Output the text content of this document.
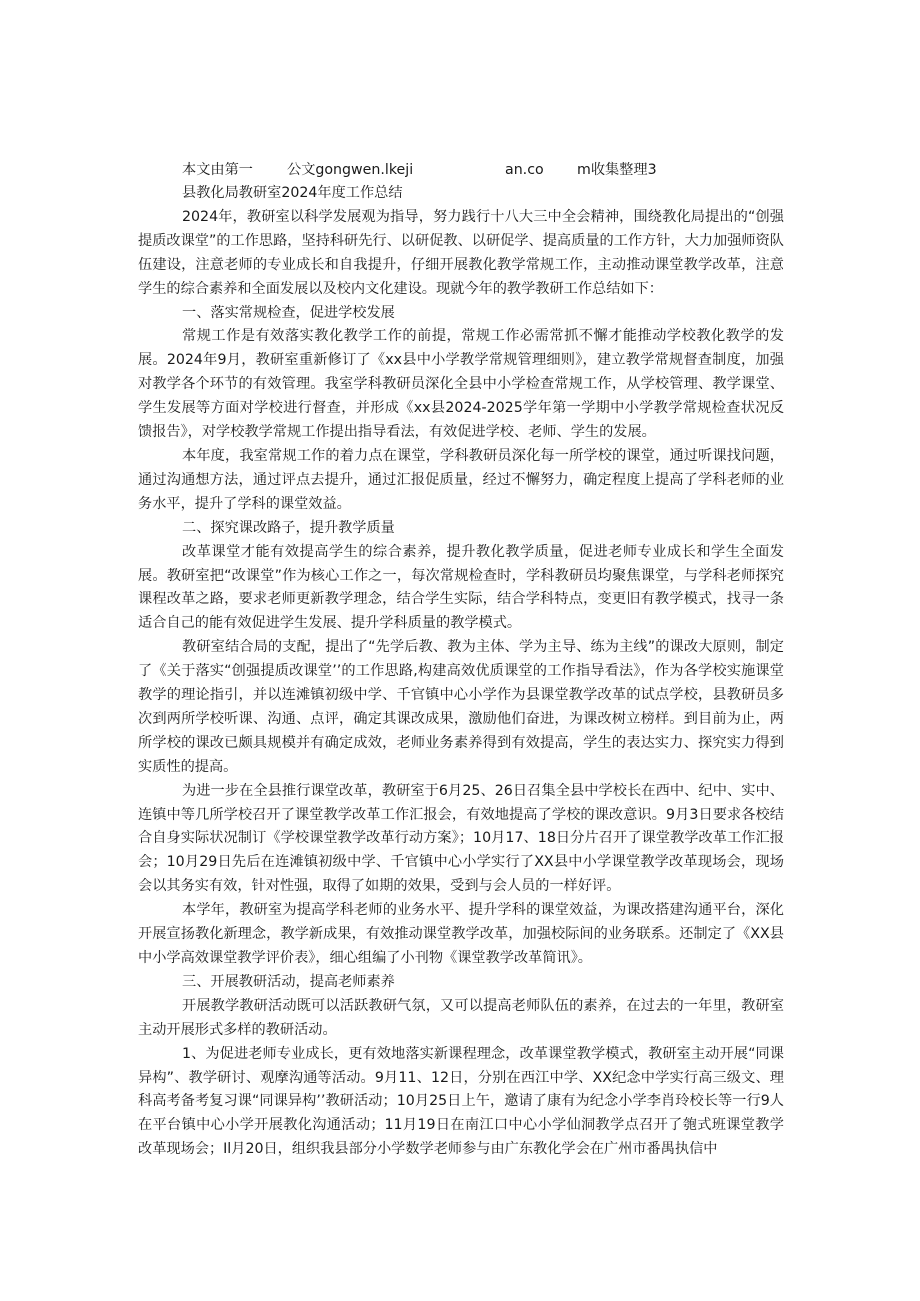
本文由第一	公文gongwen.lkeji	an.co	m收集整理3
县教化局教研室2024年度工作总结

2024年，教研室以科学发展观为指导，努力践行十八大三中全会精神，围绕教化局提出的“创强提质改课堂”的工作思路，坚持科研先行、以研促教、以研促学、提高质量的工作方针，大力加强师资队伍建设，注意老师的专业成长和自我提升，仔细开展教化教学常规工作，主动推动课堂教学改革，注意学生的综合素养和全面发展以及校内文化建设。现就今年的教学教研工作总结如下：

一、落实常规检查，促进学校发展

常规工作是有效落实教化教学工作的前提，常规工作必需常抓不懈才能推动学校教化教学的发展。2024年9月，教研室重新修订了《xx县中小学教学常规管理细则》，建立教学常规督查制度，加强对教学各个环节的有效管理。我室学科教研员深化全县中小学检查常规工作，从学校管理、教学课堂、学生发展等方面对学校进行督查，并形成《xx县2024-2025学年第一学期中小学教学常规检查状况反馈报告》，对学校教学常规工作提出指导看法，有效促进学校、老师、学生的发展。

本年度，我室常规工作的着力点在课堂，学科教研员深化每一所学校的课堂，通过听课找问题，通过沟通想方法，通过评点去提升，通过汇报促质量，经过不懈努力，确定程度上提高了学科老师的业务水平，提升了学科的课堂效益。

二、探究课改路子，提升教学质量

改革课堂才能有效提高学生的综合素养，提升教化教学质量，促进老师专业成长和学生全面发展。教研室把“改课堂”作为核心工作之一，每次常规检查时，学科教研员均聚焦课堂，与学科老师探究课程改革之路，要求老师更新教学理念，结合学生实际，结合学科特点，变更旧有教学模式，找寻一条适合自己的能有效促进学生发展、提升学科质量的教学模式。

教研室结合局的支配，提出了“先学后教、教为主体、学为主导、练为主线”的课改大原则，制定了《关于落实“创强提质改课堂’’的工作思路,构建高效优质课堂的工作指导看法》，作为各学校实施课堂教学的理论指引，并以连滩镇初级中学、千官镇中心小学作为县课堂教学改革的试点学校，县教研员多次到两所学校听课、沟通、点评，确定其课改成果，激励他们奋进，为课改树立榜样。到目前为止，两所学校的课改已颇具规模并有确定成效，老师业务素养得到有效提高，学生的表达实力、探究实力得到实质性的提高。

为进一步在全县推行课堂改革，教研室于6月25、26日召集全县中学校长在西中、纪中、实中、连镇中等几所学校召开了课堂教学改革工作汇报会，有效地提高了学校的课改意识。9月3日要求各校结合自身实际状况制订《学校课堂教学改革行动方案》；10月17、18日分片召开了课堂教学改革工作汇报会；10月29日先后在连滩镇初级中学、千官镇中心小学实行了XX县中小学课堂教学改革现场会，现场会以其务实有效，针对性强，取得了如期的效果，受到与会人员的一样好评。

本学年，教研室为提高学科老师的业务水平、提升学科的课堂效益，为课改搭建沟通平台，深化开展宣扬教化新理念，教学新成果，有效推动课堂教学改革，加强校际间的业务联系。还制定了《XX县中小学高效课堂教学评价表》，细心组编了小刊物《课堂教学改革简讯》。

三、开展教研活动，提高老师素养

开展教学教研活动既可以活跃教研气氛，又可以提高老师队伍的素养，在过去的一年里，教研室主动开展形式多样的教研活动。

1、为促进老师专业成长，更有效地落实新课程理念，改革课堂教学模式，教研室主动开展“同课异构”、教学研讨、观摩沟通等活动。9月11、12日，分别在西江中学、XX纪念中学实行高三级文、理科高考备考复习课“同课异构’’教研活动；10月25日上午，邀请了康有为纪念小学李肖玲校长等一行9人在平台镇中心小学开展教化沟通活动；11月19日在南江口中心小学仙洞教学点召开了匏式班课堂教学改革现场会；Il月20日，组织我县部分小学数学老师参与由广东教化学会在广州市番禺执信中
